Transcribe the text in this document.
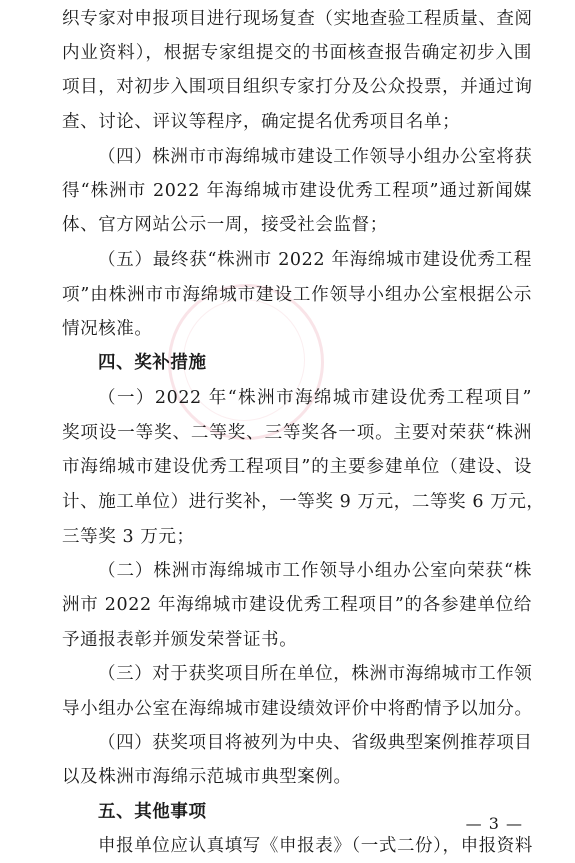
织专家对申报项目进行现场复查（实地查验工程质量、查阅
内业资料），根据专家组提交的书面核查报告确定初步入围
项目，对初步入围项目组织专家打分及公众投票，并通过询
查、讨论、评议等程序，确定提名优秀项目名单；
（四）株洲市市海绵城市建设工作领导小组办公室将获
得“株洲市 2022 年海绵城市建设优秀工程项”通过新闻媒
体、官方网站公示一周，接受社会监督；
（五）最终获“株洲市 2022 年海绵城市建设优秀工程
项”由株洲市市海绵城市建设工作领导小组办公室根据公示
情况核准。
四、奖补措施
（一）2022 年“株洲市海绵城市建设优秀工程项目”
奖项设一等奖、二等奖、三等奖各一项。主要对荣获“株洲
市海绵城市建设优秀工程项目”的主要参建单位（建设、设
计、施工单位）进行奖补，一等奖 9 万元，二等奖 6 万元，
三等奖 3 万元；
（二）株洲市海绵城市工作领导小组办公室向荣获“株
洲市 2022 年海绵城市建设优秀工程项目”的各参建单位给
予通报表彰并颁发荣誉证书。
（三）对于获奖项目所在单位，株洲市海绵城市工作领
导小组办公室在海绵城市建设绩效评价中将酌情予以加分。
（四）获奖项目将被列为中央、省级典型案例推荐项目
以及株洲市海绵示范城市典型案例。
五、其他事项
申报单位应认真填写《申报表》（一式二份），申报资料
— 3 —
